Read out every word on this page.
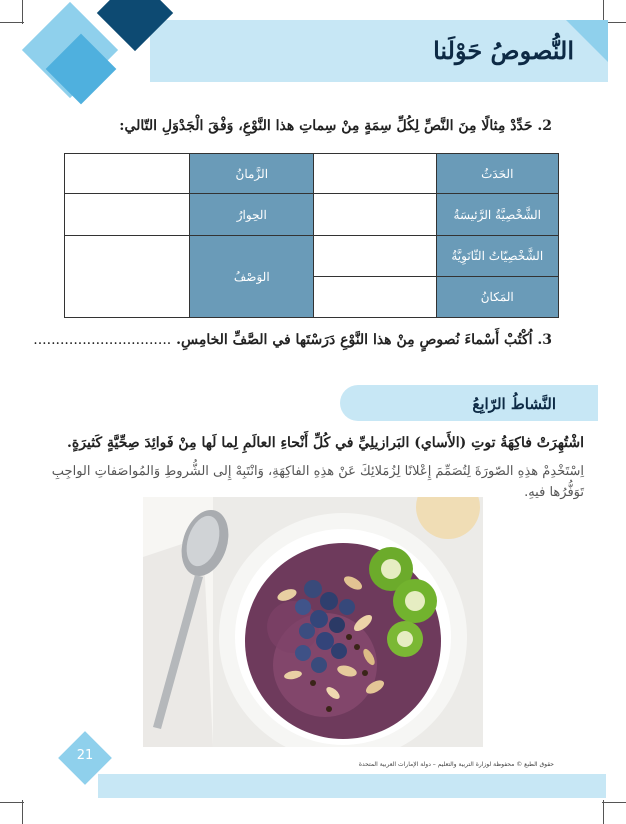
النُّصوصُ حَوْلَنا
2. حَدِّدْ مِثالًا مِنَ النَّصِّ لِكُلِّ سِمَةٍ مِنْ سِماتِ هذا النَّوْعِ، وَفْقَ الْجَدْوَلِ التّالي:
الحَدَثُ		الزَّمانُ	
الشَّخْصِيَّةُ الرَّئيسَةُ		الحِوارُ	
الشَّخْصِيّاتُ الثّانَوِيَّةُ		الوَصْفُ	
المَكانُ			
3. اُكْتُبْ أَسْماءَ نُصوصٍ مِنْ هذا النَّوْعِ دَرَسْتَها في الصَّفِّ الخامِسِ. ...............................
النَّشاطُ الرّابِعُ
اشْتُهِرَتْ فاكِهَةُ توتِ (الأَساي) البَرازيلِيِّ في كُلِّ أَنْحاءِ العالَمِ لِما لَها مِنْ فَوائِدَ صِحِّيَّةٍ كَثيرَةٍ.
اِسْتَخْدِمْ هذِهِ الصّورَةَ لِتُصَمِّمَ إِعْلانًا لِزُمَلائِكَ عَنْ هذِهِ الفاكِهَةِ، وَانْتَبِهْ إِلى الشُّروطِ وَالمُواصَفاتِ الواجِبِ تَوَفُّرُها فيهِ.
حقوق الطبع © محفوظة لوزارة التربية والتعليم – دولة الإمارات العربية المتحدة
21
